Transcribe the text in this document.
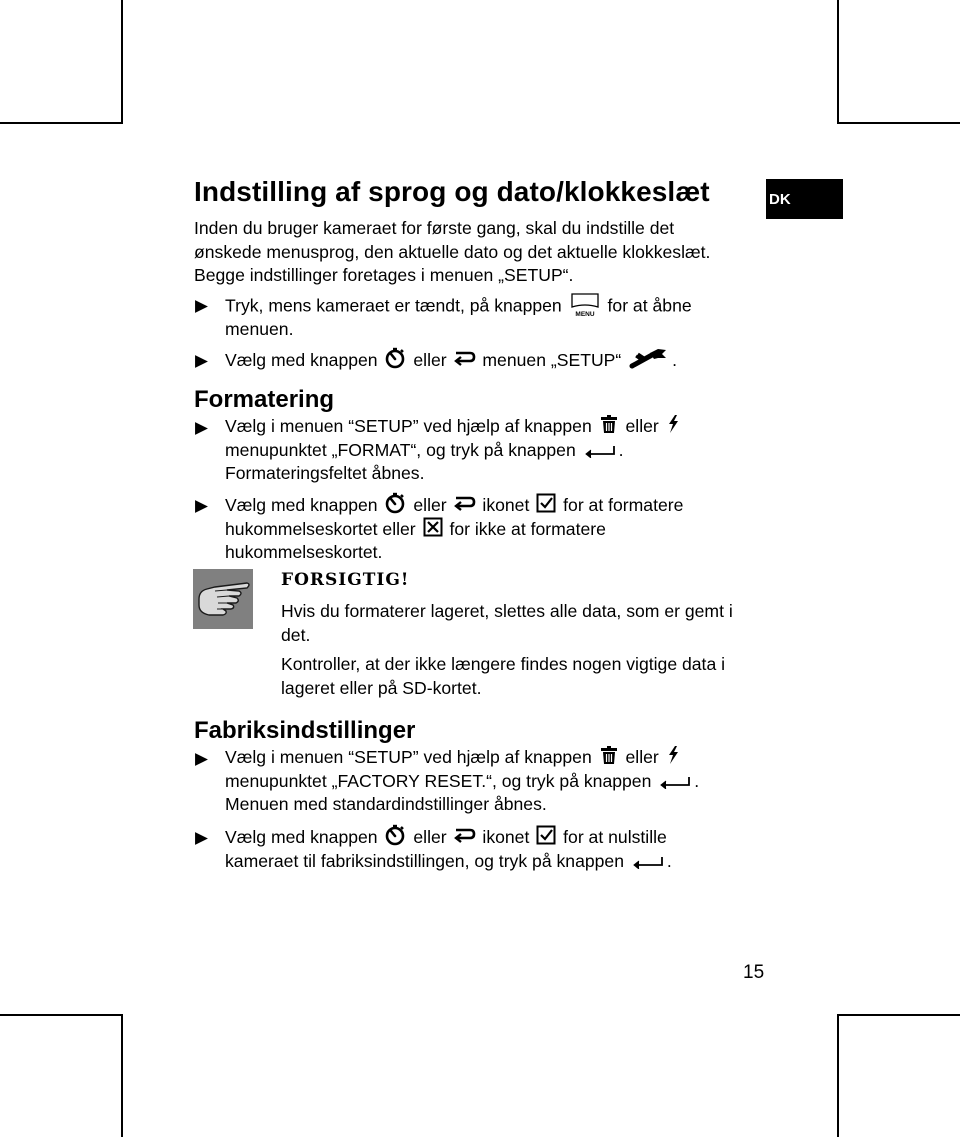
DK
Indstilling af sprog og dato/klokkeslæt
Inden du bruger kameraet for første gang, skal du indstille det
ønskede menusprog, den aktuelle dato og det aktuelle klokkeslæt.
Begge indstillinger foretages i menuen „SETUP“.
Tryk, mens kameraet er tændt, på knappen MENU for at åbne
menuen.
Vælg med knappen eller menuen „SETUP“	.
Formatering
Vælg i menuen “SETUP” ved hjælp af knappen eller
menupunktet „FORMAT“, og tryk på knappen .
Formateringsfeltet åbnes.
Vælg med knappen eller ikonet for at formatere
hukommelseskortet eller for ikke at formatere
hukommelseskortet.
FORSIGTIG!
Hvis du formaterer lageret, slettes alle data, som er gemt i
det.
Kontroller, at der ikke længere findes nogen vigtige data i
lageret eller på SD-kortet.
Fabriksindstillinger
Vælg i menuen “SETUP” ved hjælp af knappen eller
menupunktet „FACTORY RESET.“, og tryk på knappen .
Menuen med standardindstillinger åbnes.
Vælg med knappen eller ikonet for at nulstille
kameraet til fabriksindstillingen, og tryk på knappen .
15
